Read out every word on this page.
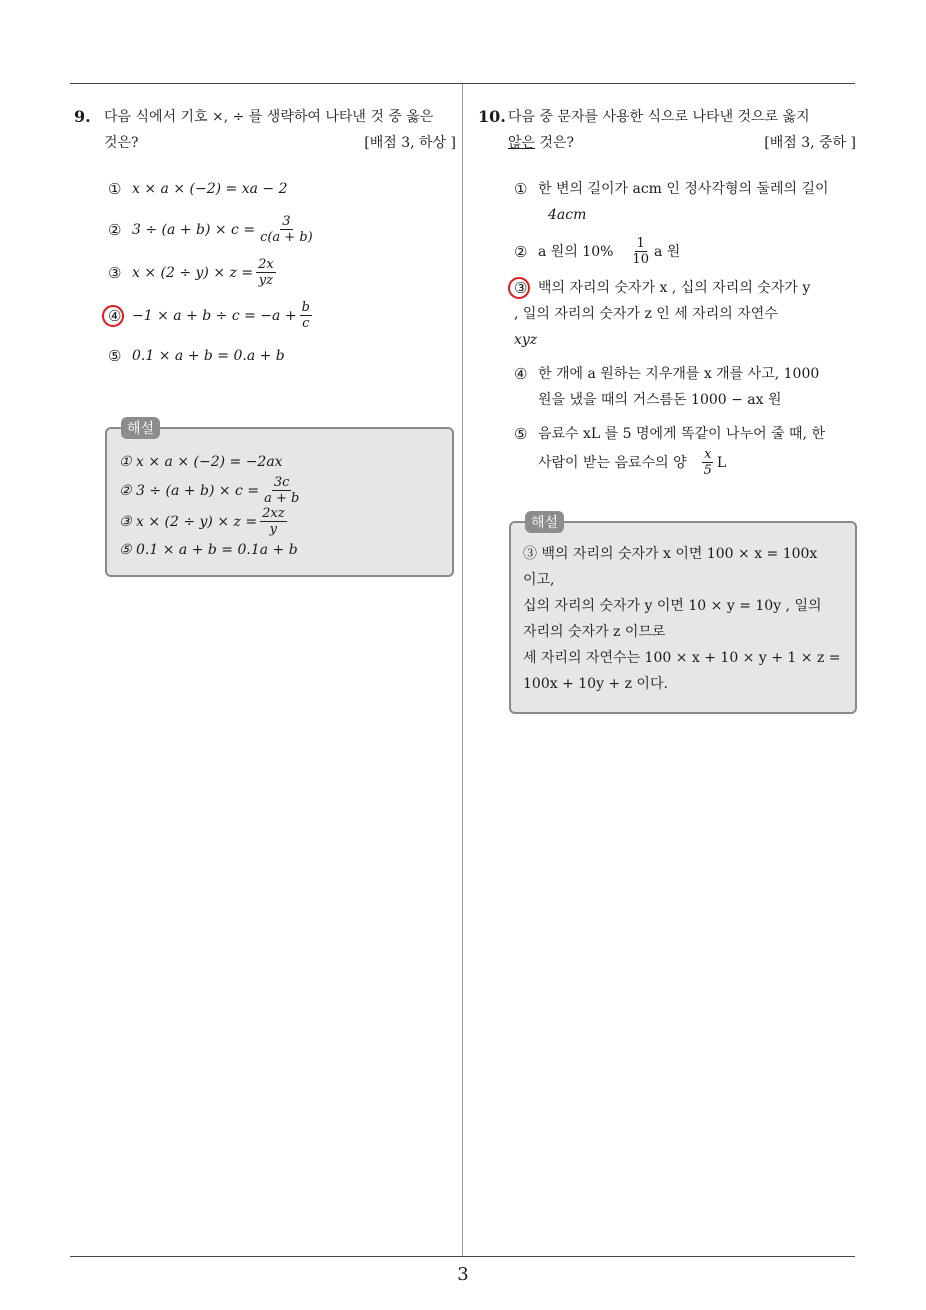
9. 다음 식에서 기호 ×, ÷ 를 생략하여 나타낸 것 중 옳은
것은?	[배점 3, 하상 ]
① x × a × (−2) = xa − 2
② $3 \div (a + b) \times c = \frac{3}{c(a + b)}$
③ $x \times (2 \div y) \times z = \frac{2x}{yz}$
④ $-1 \times a + b \div c = -a + \frac{b}{c}$
⑤ 0.1 × a + b = 0.a + b
해설
① x × a × (−2) = −2ax
② $3 \div (a + b) \times c = \frac{3c}{a + b}$
③ $x \times (2 \div y) \times z = \frac{2xz}{y}$
⑤ 0.1 × a + b = 0.1a + b
10. 다음 중 문자를 사용한 식으로 나타낸 것으로 옳지
않은 것은?	[배점 3, 중하 ]
① 한 변의 길이가 acm 인 정사각형의 둘레의 길이
4acm
② a 원의 $10\% \frac{1}{10}$ a 원
③ 백의 자리의 숫자가 x , 십의 자리의 숫자가 y
, 일의 자리의 숫자가 z 인 세 자리의 자연수
xyz
④ 한 개에 a 원하는 지우개를 x 개를 사고, 1000
원을 냈을 때의 거스름돈 1000 − ax 원
⑤ 음료수 xL 를 5 명에게 똑같이 나누어 줄 때, 한
사람이 받는 음료수의 양 $\frac{x}{5}$ L
해설
③ 백의 자리의 숫자가 x 이면 100 × x = 100x
이고,
십의 자리의 숫자가 y 이면 10 × y = 10y , 일의
자리의 숫자가 z 이므로
세 자리의 자연수는 100 × x + 10 × y + 1 × z =
100x + 10y + z 이다.
3
